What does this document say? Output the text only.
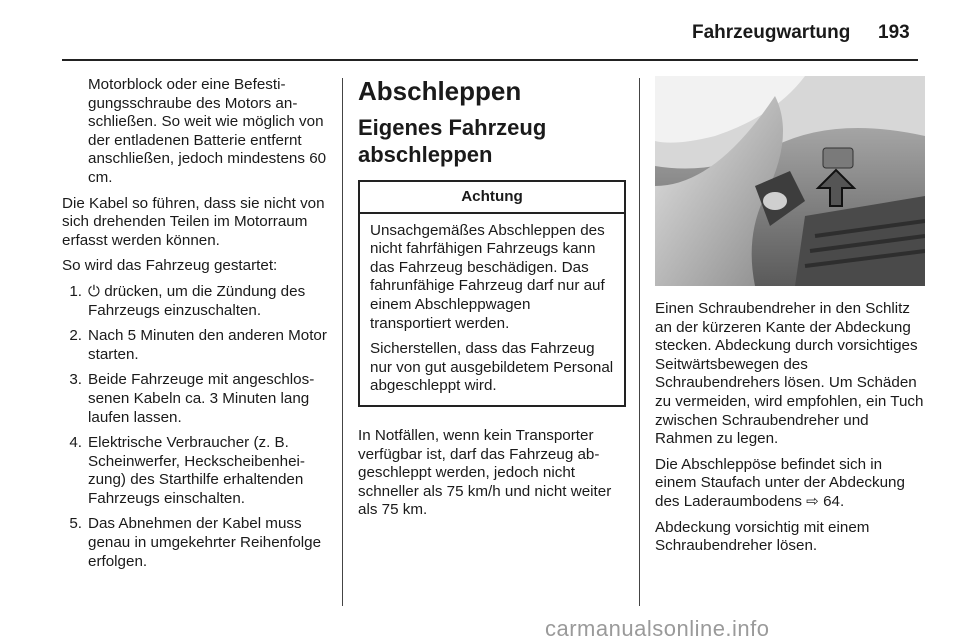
Fahrzeugwartung 193

Motorblock oder eine Befestigungsschraube des Motors anschließen. So weit wie möglich von der entladenen Batterie entfernt anschließen, jedoch mindestens 60 cm.

Die Kabel so führen, dass sie nicht von sich drehenden Teilen im Motorraum erfasst werden können.

So wird das Fahrzeug gestartet:

1. ⏻ drücken, um die Zündung des Fahrzeugs einzuschalten.
2. Nach 5 Minuten den anderen Motor starten.
3. Beide Fahrzeuge mit angeschlossenen Kabeln ca. 3 Minuten lang laufen lassen.
4. Elektrische Verbraucher (z. B. Scheinwerfer, Heckscheibenheizung) des Starthilfe erhaltenden Fahrzeugs einschalten.
5. Das Abnehmen der Kabel muss genau in umgekehrter Reihenfolge erfolgen.
Abschleppen
Eigenes Fahrzeug abschleppen
Achtung

Unsachgemäßes Abschleppen des nicht fahrfähigen Fahrzeugs kann das Fahrzeug beschädigen. Das fahrunfähige Fahrzeug darf nur auf einem Abschleppwagen transportiert werden.

Sicherstellen, dass das Fahrzeug nur von gut ausgebildetem Personal abgeschleppt wird.

In Notfällen, wenn kein Transporter verfügbar ist, darf das Fahrzeug abgeschleppt werden, jedoch nicht schneller als 75 km/h und nicht weiter als 75 km.

Einen Schraubendreher in den Schlitz an der kürzeren Kante der Abdeckung stecken. Abdeckung durch vorsichtiges Seitwärtsbewegen des Schraubendrehers lösen. Um Schäden zu vermeiden, wird empfohlen, ein Tuch zwischen Schraubendreher und Rahmen zu legen.

Die Abschleppöse befindet sich in einem Staufach unter der Abdeckung des Laderaumbodens ⇨ 64.

Abdeckung vorsichtig mit einem Schraubendreher lösen.

carmanualsonline.info
